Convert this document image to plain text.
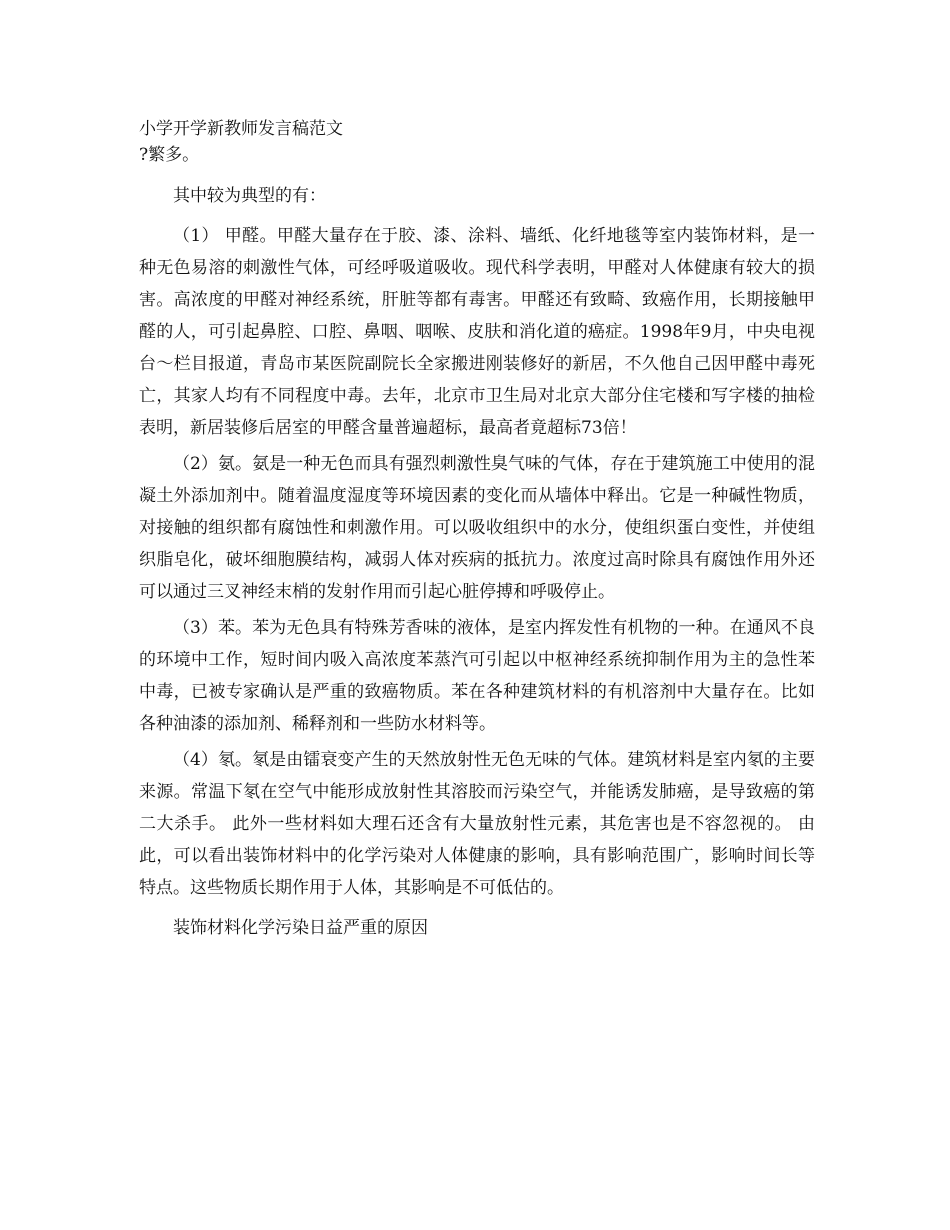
小学开学新教师发言稿范文

?繁多。

其中较为典型的有：

（1） 甲醛。甲醛大量存在于胶、漆、涂料、墙纸、化纤地毯等室内装饰材料，是一种无色易溶的刺激性气体，可经呼吸道吸收。现代科学表明，甲醛对人体健康有较大的损害。高浓度的甲醛对神经系统，肝脏等都有毒害。甲醛还有致畸、致癌作用，长期接触甲醛的人，可引起鼻腔、口腔、鼻咽、咽喉、皮肤和消化道的癌症。1998年9月，中央电视台～栏目报道，青岛市某医院副院长全家搬进刚装修好的新居，不久他自己因甲醛中毒死亡，其家人均有不同程度中毒。去年，北京市卫生局对北京大部分住宅楼和写字楼的抽检表明，新居装修后居室的甲醛含量普遍超标，最高者竟超标73倍！

（2）氨。氨是一种无色而具有强烈刺激性臭气味的气体，存在于建筑施工中使用的混凝土外添加剂中。随着温度湿度等环境因素的变化而从墙体中释出。它是一种碱性物质，对接触的组织都有腐蚀性和刺激作用。可以吸收组织中的水分，使组织蛋白变性，并使组织脂皂化，破坏细胞膜结构，减弱人体对疾病的抵抗力。浓度过高时除具有腐蚀作用外还可以通过三叉神经末梢的发射作用而引起心脏停搏和呼吸停止。

（3）苯。苯为无色具有特殊芳香味的液体，是室内挥发性有机物的一种。在通风不良的环境中工作，短时间内吸入高浓度苯蒸汽可引起以中枢神经系统抑制作用为主的急性苯中毒，已被专家确认是严重的致癌物质。苯在各种建筑材料的有机溶剂中大量存在。比如各种油漆的添加剂、稀释剂和一些防水材料等。

（4）氡。氡是由镭衰变产生的天然放射性无色无味的气体。建筑材料是室内氡的主要来源。常温下氡在空气中能形成放射性其溶胶而污染空气，并能诱发肺癌，是导致癌的第二大杀手。 此外一些材料如大理石还含有大量放射性元素，其危害也是不容忽视的。 由此，可以看出装饰材料中的化学污染对人体健康的影响，具有影响范围广，影响时间长等特点。这些物质长期作用于人体，其影响是不可低估的。

装饰材料化学污染日益严重的原因
